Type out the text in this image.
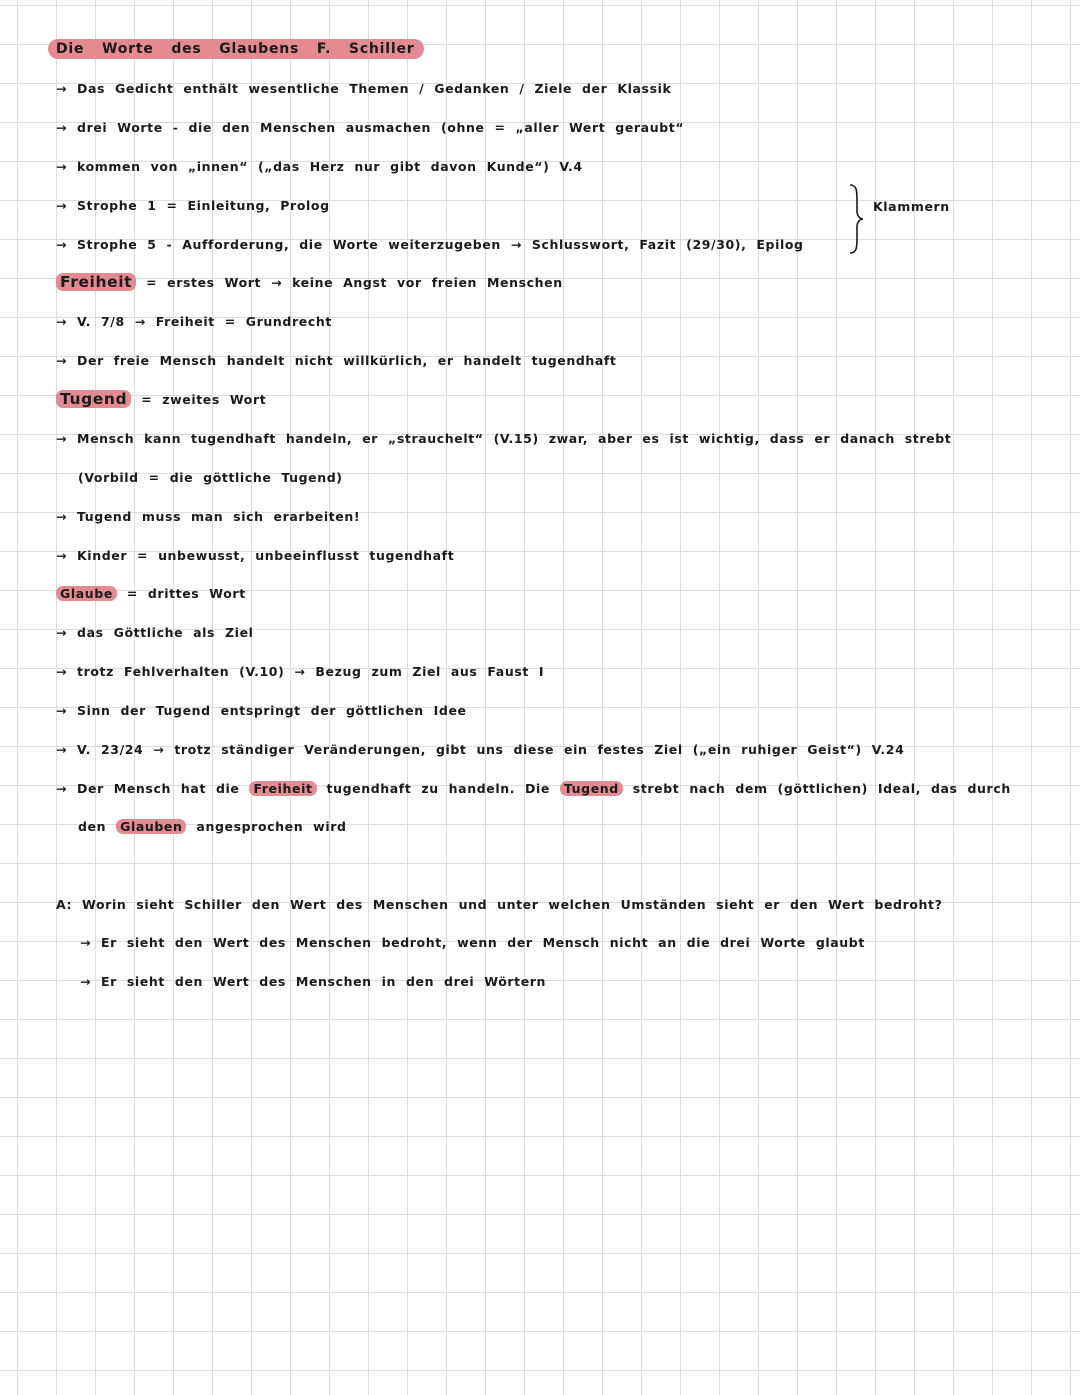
Die Worte des Glaubens F. Schiller
→ Das Gedicht enthält wesentliche Themen / Gedanken / Ziele der Klassik
→ drei Worte - die den Menschen ausmachen (ohne = „aller Wert geraubt“
→ kommen von „innen“ („das Herz nur gibt davon Kunde“) V.4
→ Strophe 1 = Einleitung, Prolog
→ Strophe 5 - Aufforderung, die Worte weiterzugeben → Schlusswort, Fazit (29/30), Epilog
Klammern
Freiheit = erstes Wort → keine Angst vor freien Menschen
→ V. 7/8 → Freiheit = Grundrecht
→ Der freie Mensch handelt nicht willkürlich, er handelt tugendhaft
Tugend = zweites Wort
→ Mensch kann tugendhaft handeln, er „strauchelt“ (V.15) zwar, aber es ist wichtig, dass er danach strebt
(Vorbild = die göttliche Tugend)
→ Tugend muss man sich erarbeiten!
→ Kinder = unbewusst, unbeeinflusst tugendhaft
Glaube = drittes Wort
→ das Göttliche als Ziel
→ trotz Fehlverhalten (V.10) → Bezug zum Ziel aus Faust I
→ Sinn der Tugend entspringt der göttlichen Idee
→ V. 23/24 → trotz ständiger Veränderungen, gibt uns diese ein festes Ziel („ein ruhiger Geist“) V.24
→ Der Mensch hat die Freiheit tugendhaft zu handeln. Die Tugend strebt nach dem (göttlichen) Ideal, das durch
den Glauben angesprochen wird
A: Worin sieht Schiller den Wert des Menschen und unter welchen Umständen sieht er den Wert bedroht?
→ Er sieht den Wert des Menschen bedroht, wenn der Mensch nicht an die drei Worte glaubt
→ Er sieht den Wert des Menschen in den drei Wörtern
